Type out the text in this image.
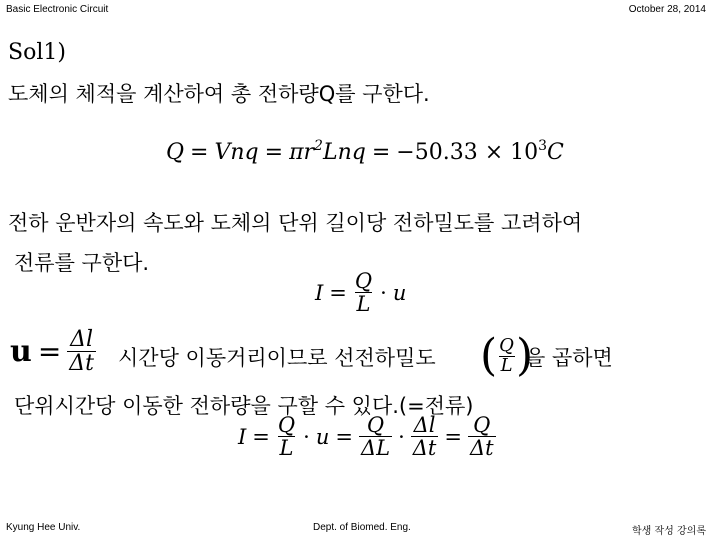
Basic Electronic Circuit	October 28, 2014
Sol1)
도체의 체적을 계산하여 총 전하량Q를 구한다.
Q = Vnq = $\pi r^2Lnq = -50.33 \times 10^3C$
전하 운반자의 속도와 도체의 단위 길이당 전하밀도를 고려하여
전류를 구한다.
$I = \frac{Q}{L} \cdot u$
$u = \frac{\Delta l}{\Delta t}$ 시간당 이동거리이므로 선전하밀도 ( $\frac{Q}{L}$ )
을 곱하면
단위시간당 이동한 전하량을 구할 수 있다.(=전류)
$I = \frac{Q}{L} \cdot u = \frac{Q}{\Delta L} \cdot \frac{\Delta l}{\Delta t} = \frac{Q}{\Delta t}$
Kyung Hee Univ.	Dept. of Biomed. Eng.	학생 작성 강의록
